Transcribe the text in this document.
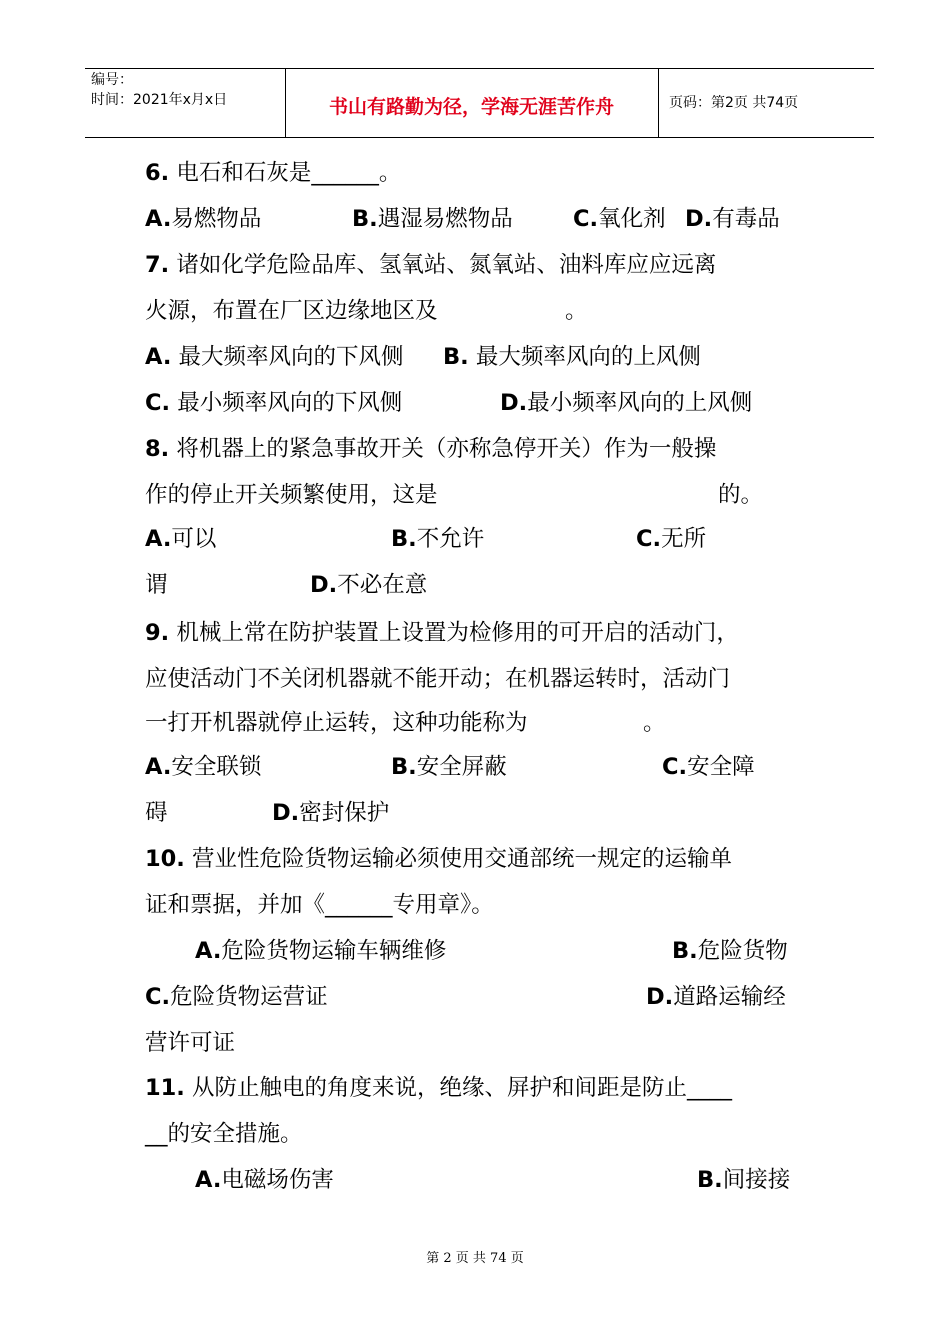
编号：
时间：2021年x月x日	书山有路勤为径，学海无涯苦作舟	页码：第2页 共74页
6. 电石和石灰是______。
A.易燃物品	B.遇湿易燃物品	C.氧化剂 D.有毒品
7. 诸如化学危险品库、氢氧站、氮氧站、油料库应应远离
火源，布置在厂区边缘地区及	。
A. 最大频率风向的下风侧 B. 最大频率风向的上风侧
C. 最小频率风向的下风侧	D.最小频率风向的上风侧
8. 将机器上的紧急事故开关（亦称急停开关）作为一般操
作的停止开关频繁使用，这是	的。
A.可以	B.不允许	C.无所
谓	D.不必在意
9. 机械上常在防护装置上设置为检修用的可开启的活动门，
应使活动门不关闭机器就不能开动；在机器运转时，活动门
一打开机器就停止运转，这种功能称为	。
A.安全联锁	B.安全屏蔽	C.安全障
碍	D.密封保护
10. 营业性危险货物运输必须使用交通部统一规定的运输单
证和票据，并加《______专用章》。
A.危险货物运输车辆维修	B.危险货物
C.危险货物运营证	D.道路运输经
营许可证
11. 从防止触电的角度来说，绝缘、屏护和间距是防止____
__的安全措施。
A.电磁场伤害	B.间接接
第 2 页 共 74 页
